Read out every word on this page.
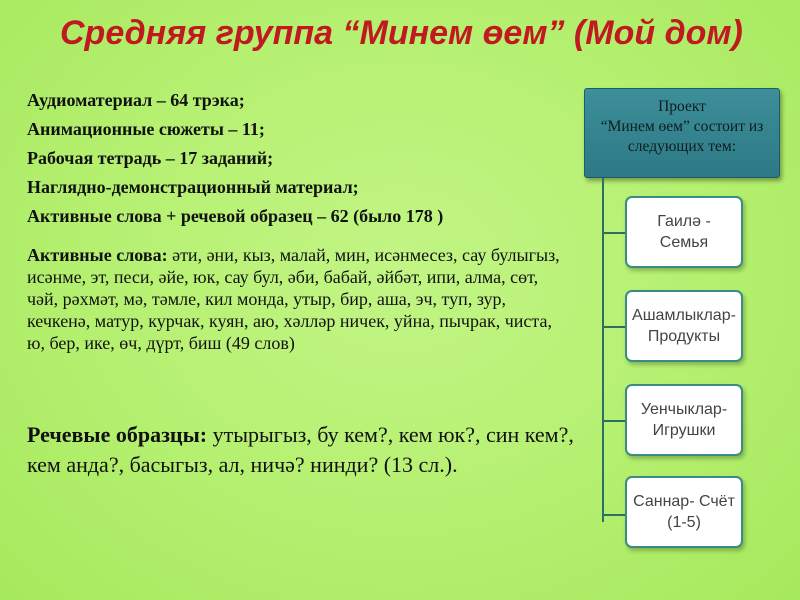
Средняя группа “Минем өем” (Мой дом)
Аудиоматериал – 64 трэка;
Анимационные сюжеты – 11;
Рабочая тетрадь – 17 заданий;
Наглядно-демонстрационный материал;
Активные слова + речевой образец – 62 (было 178 )
Активные слова: әти, әни, кыз, малай, мин, исәнмесез, сау булыгыз, исәнме, эт, песи, әйе, юк, сау бул, әби, бабай, әйбәт, ипи, алма, сөт, чәй, рәхмәт, мә, тәмле, кил монда, утыр, бир, аша, эч, туп, зур, кечкенә, матур, курчак, куян, аю, хәлләр ничек, уйна, пычрак, чиста, ю, бер, ике, өч, дүрт, биш (49 слов)
Речевые образцы: утырыгыз, бу кем?, кем юк?, син кем?, кем анда?, басыгыз, ал, ничә? нинди? (13 сл.).
Проект
“Минем өем” состоит из следующих тем:
Гаилә - Семья
Ашамлыклар- Продукты
Уенчыклар- Игрушки
Саннар- Счёт (1-5)
